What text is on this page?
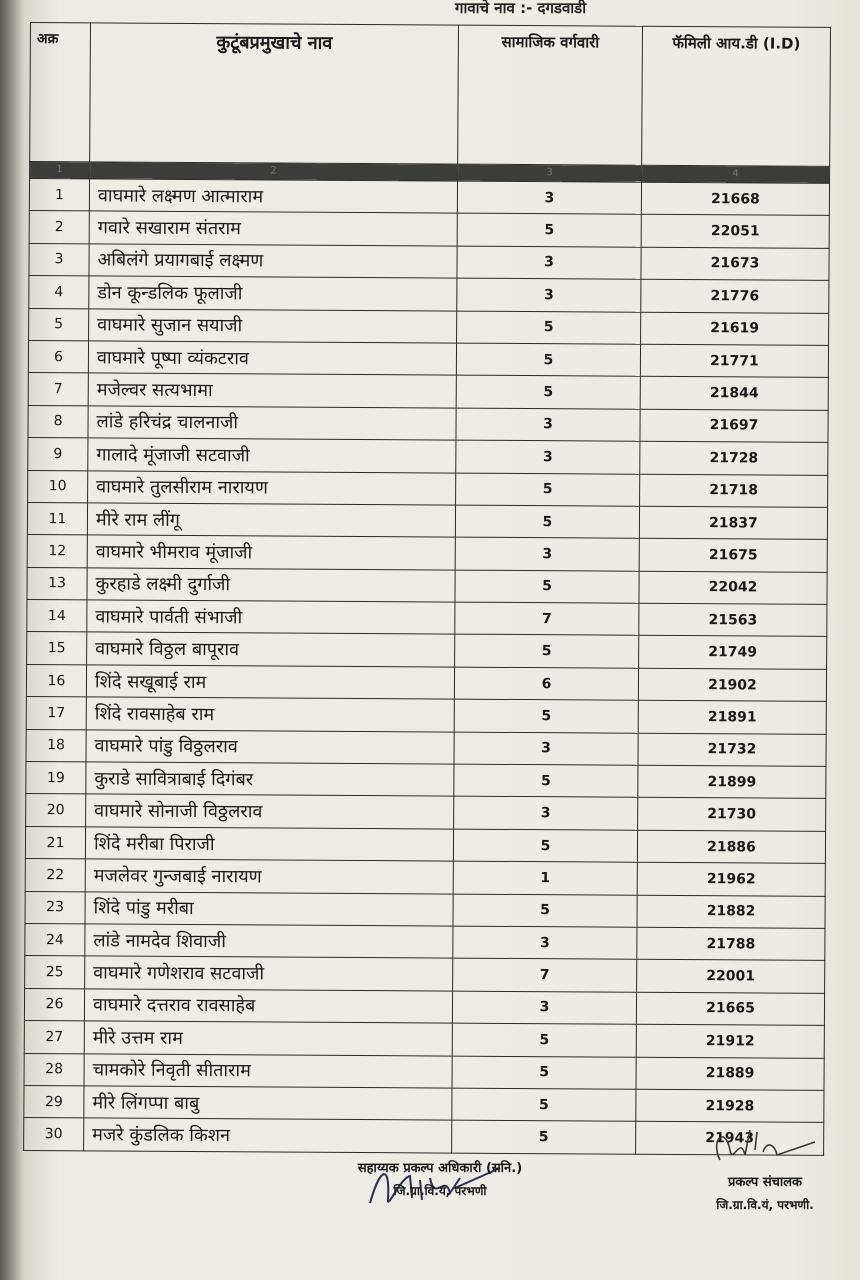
गावाचे नाव :- दगडवाडी
अक्र	कुटूंबप्रमुखाचे नाव	सामाजिक वर्गवारी	फॅमिली आय.डी (I.D)
1	2	3	4
1	वाघमारे लक्ष्मण आत्माराम	3	21668
2	गवारे सखाराम संतराम	5	22051
3	अबिलंगे प्रयागबाई लक्ष्मण	3	21673
4	डोन कून्डलिक फूलाजी	3	21776
5	वाघमारे सुजान सयाजी	5	21619
6	वाघमारे पूष्पा व्यंकटराव	5	21771
7	मजेल्वर सत्यभामा	5	21844
8	लांडे हरिचंद्र चालनाजी	3	21697
9	गालादे मूंजाजी सटवाजी	3	21728
10	वाघमारे तुलसीराम नारायण	5	21718
11	मीरे राम लींगू	5	21837
12	वाघमारे भीमराव मूंजाजी	3	21675
13	कुरहाडे लक्ष्मी दुर्गाजी	5	22042
14	वाघमारे पार्वती संभाजी	7	21563
15	वाघमारे विठ्ठल बापूराव	5	21749
16	शिंदे सखूबाई राम	6	21902
17	शिंदे रावसाहेब राम	5	21891
18	वाघमारे पांडु विठ्ठलराव	3	21732
19	कुराडे सावित्राबाई दिगंबर	5	21899
20	वाघमारे सोनाजी विठ्ठलराव	3	21730
21	शिंदे मरीबा पिराजी	5	21886
22	मजलेवर गुन्जबाई नारायण	1	21962
23	शिंदे पांडु मरीबा	5	21882
24	लांडे नामदेव शिवाजी	3	21788
25	वाघमारे गणेशराव सटवाजी	7	22001
26	वाघमारे दत्तराव रावसाहेब	3	21665
27	मीरे उत्तम राम	5	21912
28	चामकोरे निवृती सीताराम	5	21889
29	मीरे लिंगप्पा बाबु	5	21928
30	मजरे कुंडलिक किशन	5	21943
सहाय्यक प्रकल्प अधिकारी (सनि.)
जि.ग्रा.वि.यं, परभणी
प्रकल्प संचालक
जि.ग्रा.वि.यं, परभणी.
